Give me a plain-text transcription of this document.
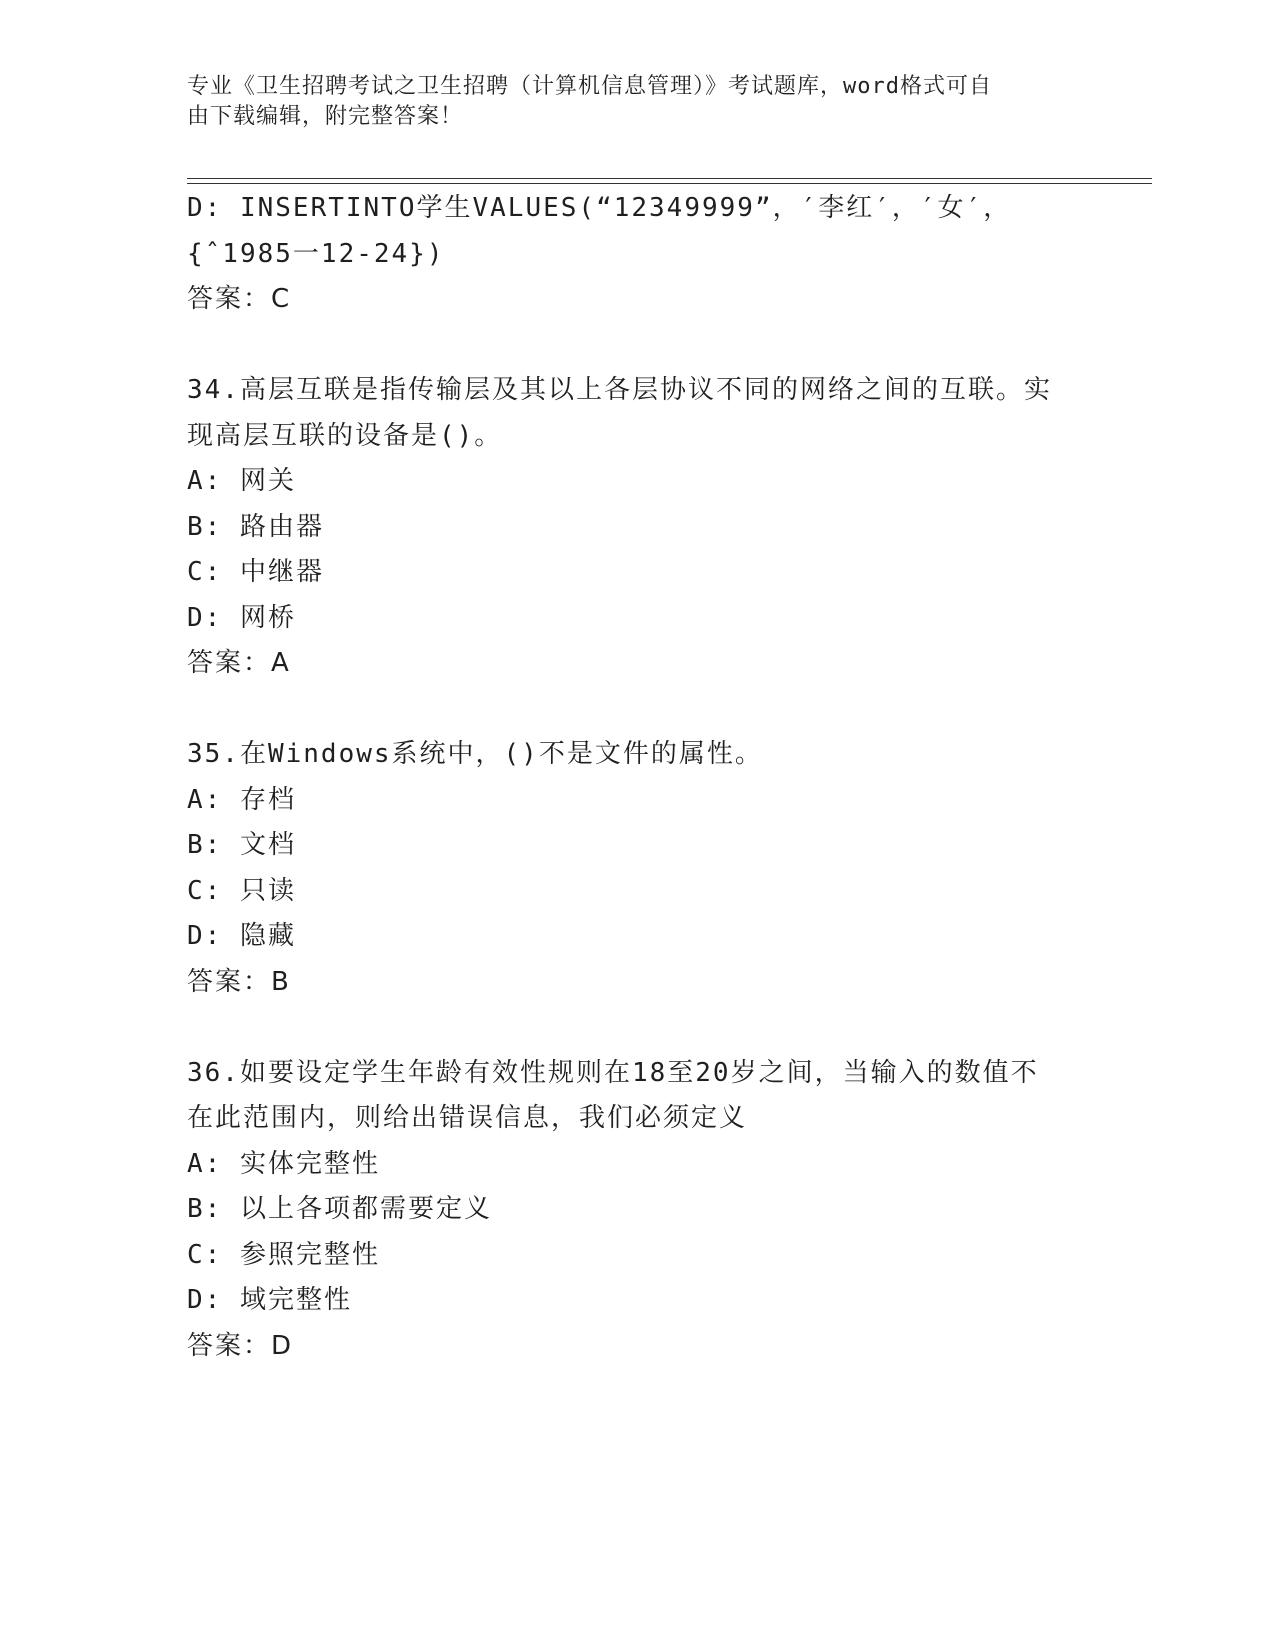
专业《卫生招聘考试之卫生招聘（计算机信息管理）》考试题库，word格式可自
由下载编辑，附完整答案！
D: INSERTINTO学生VALUES(“12349999”，′李红′，′女′，
{ˆ1985一12-24})
答案：C
34.高层互联是指传输层及其以上各层协议不同的网络之间的互联。实
现高层互联的设备是()。
A: 网关
B: 路由器
C: 中继器
D: 网桥
答案：A
35.在Windows系统中，()不是文件的属性。
A: 存档
B: 文档
C: 只读
D: 隐藏
答案：B
36.如要设定学生年龄有效性规则在18至20岁之间，当输入的数值不
在此范围内，则给出错误信息，我们必须定义
A: 实体完整性
B: 以上各项都需要定义
C: 参照完整性
D: 域完整性
答案：D
